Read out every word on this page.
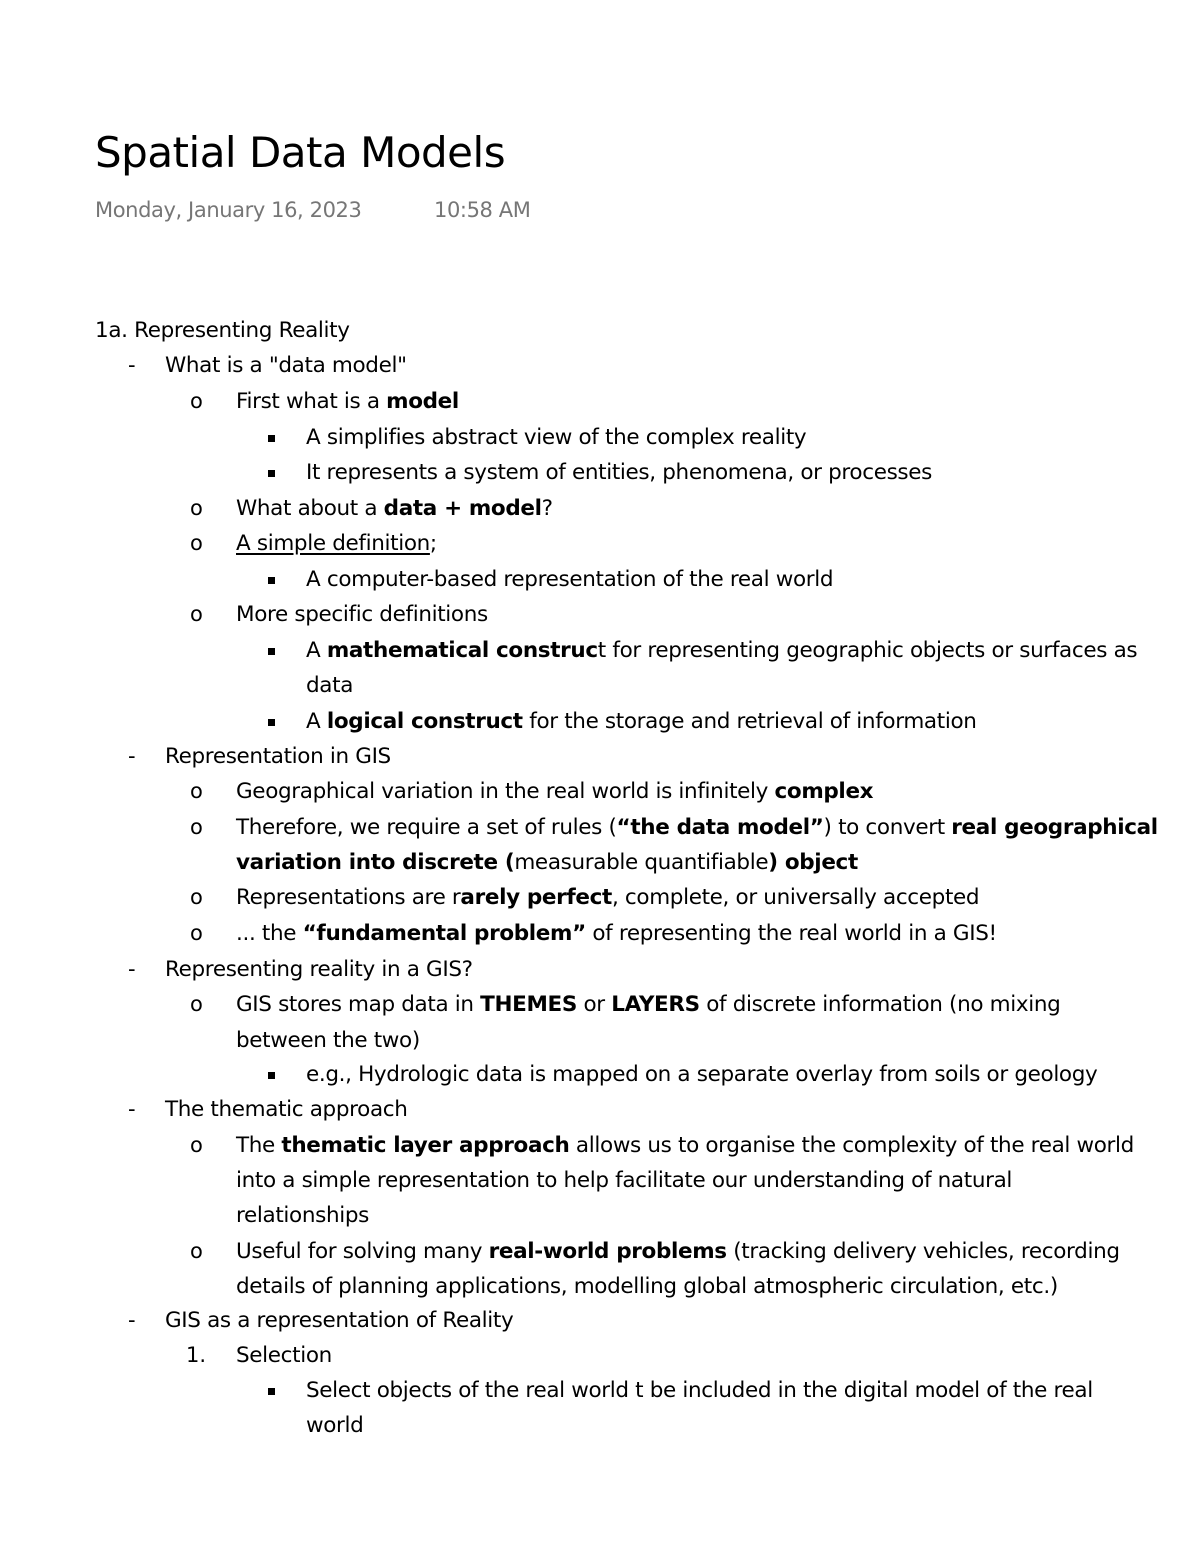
Spatial Data Models
Monday, January 16, 2023	10:58 AM
1a. Representing Reality
-
What is a "data model"
o
First what is a model
A simplifies abstract view of the complex reality
It represents a system of entities, phenomena, or processes
o
What about a data + model?
o
A simple definition;
A computer-based representation of the real world
o
More specific definitions
A mathematical construct for representing geographic objects or surfaces as
data
A logical construct for the storage and retrieval of information
-
Representation in GIS
o
Geographical variation in the real world is infinitely complex
o
Therefore, we require a set of rules (“the data model”) to convert real geographical
variation into discrete (measurable quantifiable) object
o
Representations are rarely perfect, complete, or universally accepted
o
... the “fundamental problem” of representing the real world in a GIS!
-
Representing reality in a GIS?
o
GIS stores map data in THEMES or LAYERS of discrete information (no mixing
between the two)
e.g., Hydrologic data is mapped on a separate overlay from soils or geology
-
The thematic approach
o
The thematic layer approach allows us to organise the complexity of the real world
into a simple representation to help facilitate our understanding of natural
relationships
o
Useful for solving many real-world problems (tracking delivery vehicles, recording
details of planning applications, modelling global atmospheric circulation, etc.)
-
GIS as a representation of Reality
1. Selection
Select objects of the real world t be included in the digital model of the real
world
